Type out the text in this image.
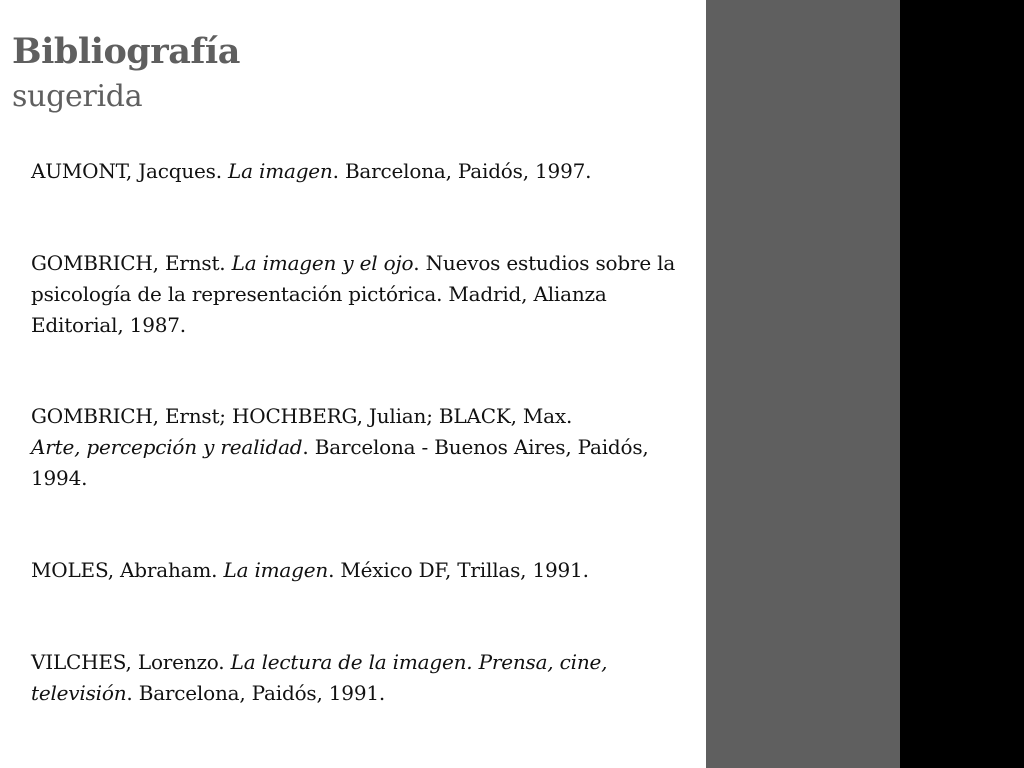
Bibliografía
sugerida

AUMONT, Jacques. La imagen. Barcelona, Paidós, 1997.

GOMBRICH, Ernst. La imagen y el ojo. Nuevos estudios sobre la psicología de la representación pictórica. Madrid, Alianza Editorial, 1987.

GOMBRICH, Ernst; HOCHBERG, Julian; BLACK, Max.
Arte, percepción y realidad. Barcelona - Buenos Aires, Paidós, 1994.

MOLES, Abraham. La imagen. México DF, Trillas, 1991.

VILCHES, Lorenzo. La lectura de la imagen. Prensa, cine, televisión. Barcelona, Paidós, 1991.
